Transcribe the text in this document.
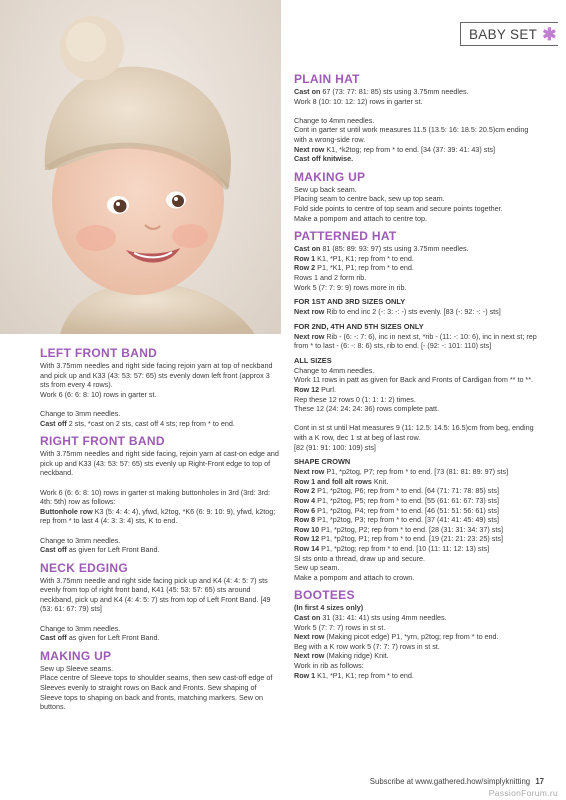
BABY SET ✱
LEFT FRONT BAND

With 3.75mm needles and right side facing rejoin yarn at top of neckband and pick up and K33 (43: 53: 57: 65) sts evenly down left front (approx 3 sts from every 4 rows).

Work 6 (6: 6: 8: 10) rows in garter st.

Change to 3mm needles.

Cast off 2 sts, *cast on 2 sts, cast off 4 sts; rep from * to end.

RIGHT FRONT BAND

With 3.75mm needles and right side facing, rejoin yarn at cast-on edge and pick up and K33 (43: 53: 57: 65) sts evenly up Right-Front edge to top of neckband.

Work 6 (6: 6: 8: 10) rows in garter st making buttonholes in 3rd (3rd: 3rd: 4th: 5th) row as follows:

Buttonhole row K3 (5: 4: 4: 4), yfwd, k2tog, *K6 (6: 9: 10: 9), yfwd, k2tog; rep from * to last 4 (4: 3: 3: 4) sts, K to end.

Change to 3mm needles.

Cast off as given for Left Front Band.

NECK EDGING

With 3.75mm needle and right side facing pick up and K4 (4: 4: 5: 7) sts evenly from top of right front band, K41 (45: 53: 57: 65) sts around neckband, pick up and K4 (4: 4: 5: 7) sts from top of Left Front Band. [49 (53: 61: 67: 79) sts]

Change to 3mm needles.

Cast off as given for Left Front Band.

MAKING UP

Sew up Sleeve seams.

Place centre of Sleeve tops to shoulder seams, then sew cast-off edge of Sleeves evenly to straight rows on Back and Fronts. Sew shaping of Sleeve tops to shaping on back and fronts, matching markers. Sew on buttons.

PLAIN HAT

Cast on 67 (73: 77: 81: 85) sts using 3.75mm needles.

Work 8 (10: 10: 12: 12) rows in garter st.

Change to 4mm needles.

Cont in garter st until work measures 11.5 (13.5: 16: 18.5: 20.5)cm ending with a wrong-side row.

Next row K1, *k2tog; rep from * to end. [34 (37: 39: 41: 43) sts]

Cast off knitwise.

MAKING UP

Sew up back seam.

Placing seam to centre back, sew up top seam.

Fold side points to centre of top seam and secure points together.

Make a pompom and attach to centre top.

PATTERNED HAT

Cast on 81 (85: 89: 93: 97) sts using 3.75mm needles.

Row 1 K1, *P1, K1; rep from * to end.

Row 2 P1, *K1, P1; rep from * to end.

Rows 1 and 2 form rib.

Work 5 (7: 7: 9: 9) rows more in rib.

FOR 1ST AND 3RD SIZES ONLY

Next row Rib to end inc 2 (-: 3: -: -) sts evenly. [83 (-: 92: -: -) sts]

FOR 2ND, 4TH AND 5TH SIZES ONLY

Next row Rib - (6: -: 7: 6), inc in next st, *rib - (11: -: 10: 6), inc in next st; rep from * to last - (6: -: 8: 6) sts, rib to end. [- (92: -: 101: 110) sts]

ALL SIZES

Change to 4mm needles.

Work 11 rows in patt as given for Back and Fronts of Cardigan from ** to **.

Row 12 Purl.

Rep these 12 rows 0 (1: 1: 1: 2) times.

These 12 (24: 24: 24: 36) rows complete patt.

Cont in st st until Hat measures 9 (11: 12.5: 14.5: 16.5)cm from beg, ending with a K row, dec 1 st at beg of last row.

[82 (91: 91: 100: 109) sts]

SHAPE CROWN

Next row P1, *p2tog, P7; rep from * to end. [73 (81: 81: 89: 97) sts]

Row 1 and foll alt rows Knit.

Row 2 P1, *p2tog, P6; rep from * to end. [64 (71: 71: 78: 85) sts]

Row 4 P1, *p2tog, P5; rep from * to end. [55 (61: 61: 67: 73) sts]

Row 6 P1, *p2tog, P4; rep from * to end. [46 (51: 51: 56: 61) sts]

Row 8 P1, *p2tog, P3; rep from * to end. [37 (41: 41: 45: 49) sts]

Row 10 P1, *p2tog, P2; rep from * to end. [28 (31: 31: 34: 37) sts]

Row 12 P1, *p2tog, P1; rep from * to end. [19 (21: 21: 23: 25) sts]

Row 14 P1, *p2tog; rep from * to end. [10 (11: 11: 12: 13) sts]

Sl sts onto a thread, draw up and secure.

Sew up seam.

Make a pompom and attach to crown.

BOOTEES

(In first 4 sizes only)

Cast on 31 (31: 41: 41) sts using 4mm needles.

Work 5 (7: 7: 7) rows in st st.

Next row (Making picot edge) P1, *yrn, p2tog; rep from * to end.

Beg with a K row work 5 (7: 7: 7) rows in st st.

Next row (Making ridge) Knit.

Work in rib as follows:

Row 1 K1, *P1, K1; rep from * to end.

Subscribe at www.gathered.how/simplyknitting 17
PassionForum.ru
